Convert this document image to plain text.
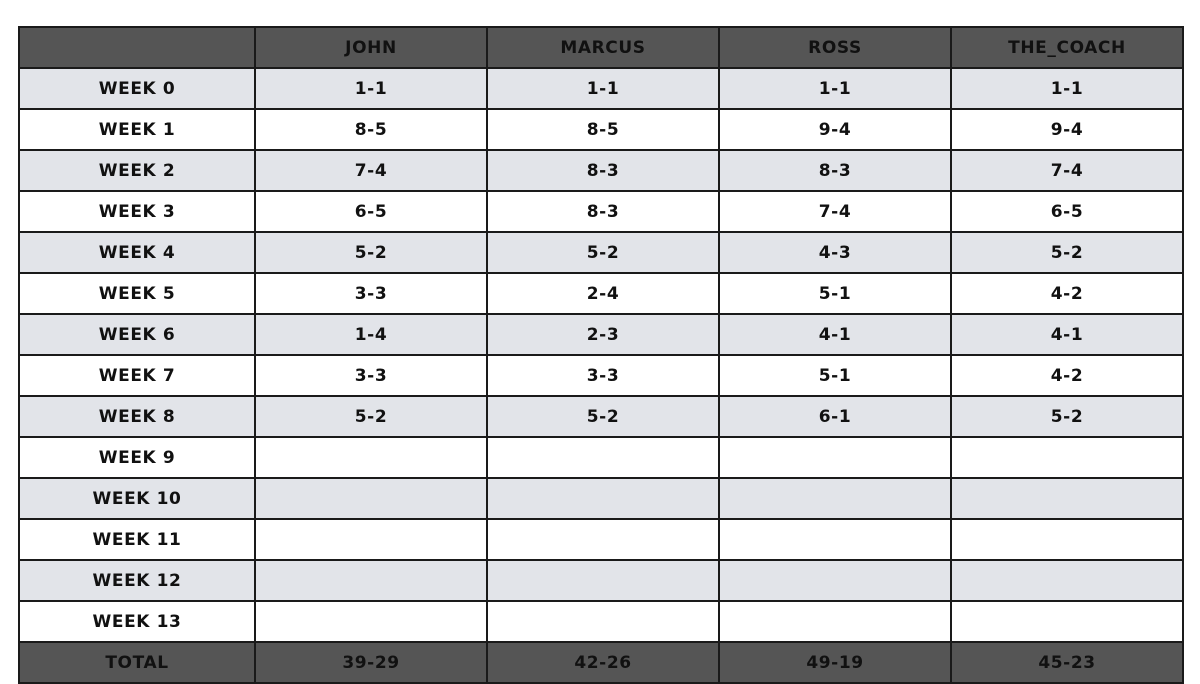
	JOHN	MARCUS	ROSS	THE_COACH
WEEK 0	1-1	1-1	1-1	1-1
WEEK 1	8-5	8-5	9-4	9-4
WEEK 2	7-4	8-3	8-3	7-4
WEEK 3	6-5	8-3	7-4	6-5
WEEK 4	5-2	5-2	4-3	5-2
WEEK 5	3-3	2-4	5-1	4-2
WEEK 6	1-4	2-3	4-1	4-1
WEEK 7	3-3	3-3	5-1	4-2
WEEK 8	5-2	5-2	6-1	5-2
WEEK 9				
WEEK 10				
WEEK 11				
WEEK 12				
WEEK 13				
TOTAL	39-29	42-26	49-19	45-23
